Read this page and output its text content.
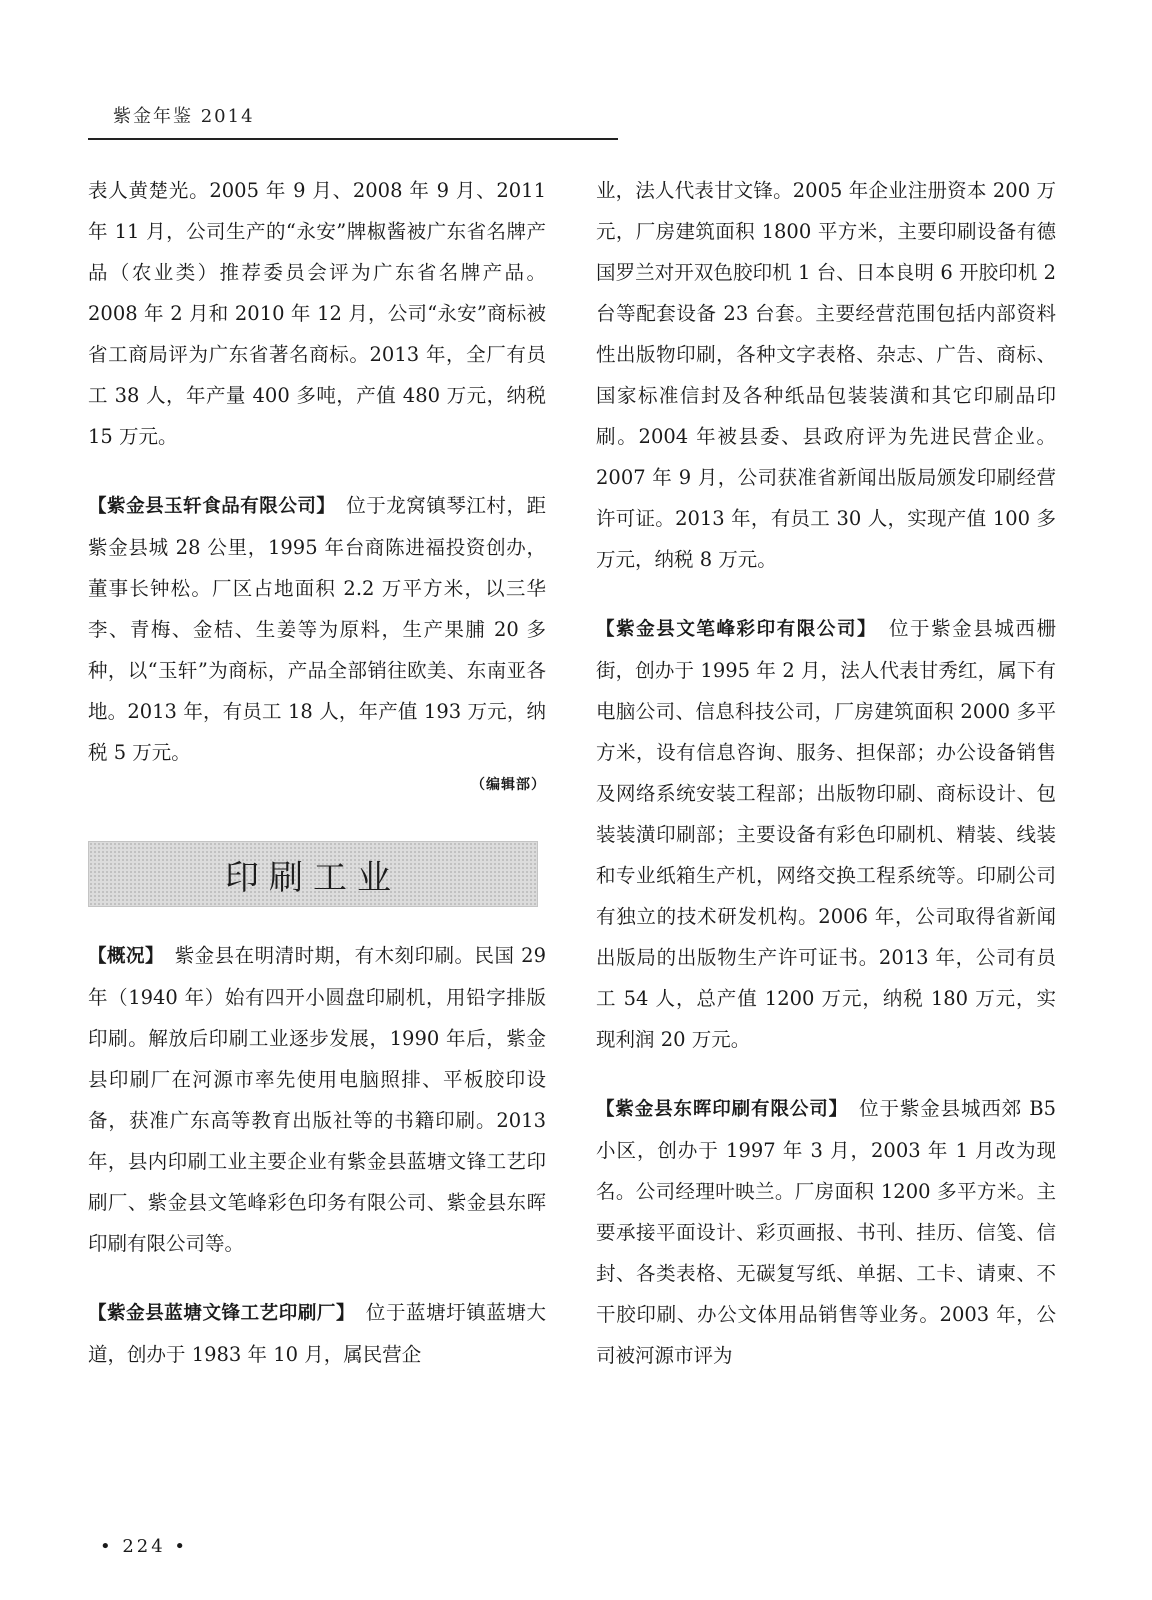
紫金年鉴 2014

表人黄楚光。2005 年 9 月、2008 年 9 月、2011 年 11 月，公司生产的“永安”牌椒酱被广东省名牌产品（农业类）推荐委员会评为广东省名牌产品。2008 年 2 月和 2010 年 12 月，公司“永安”商标被省工商局评为广东省著名商标。2013 年，全厂有员工 38 人，年产量 400 多吨，产值 480 万元，纳税 15 万元。

【紫金县玉轩食品有限公司】　位于龙窝镇琴江村，距紫金县城 28 公里，1995 年台商陈进福投资创办，董事长钟松。厂区占地面积 2.2 万平方米，以三华李、青梅、金桔、生姜等为原料，生产果脯 20 多种，以“玉轩”为商标，产品全部销往欧美、东南亚各地。2013 年，有员工 18 人，年产值 193 万元，纳税 5 万元。

（编辑部）

印刷工业

【概况】　紫金县在明清时期，有木刻印刷。民国 29 年（1940 年）始有四开小圆盘印刷机，用铅字排版印刷。解放后印刷工业逐步发展，1990 年后，紫金县印刷厂在河源市率先使用电脑照排、平板胶印设备，获准广东高等教育出版社等的书籍印刷。2013 年，县内印刷工业主要企业有紫金县蓝塘文锋工艺印刷厂、紫金县文笔峰彩色印务有限公司、紫金县东晖印刷有限公司等。

【紫金县蓝塘文锋工艺印刷厂】　位于蓝塘圩镇蓝塘大道，创办于 1983 年 10 月，属民营企

业，法人代表甘文锋。2005 年企业注册资本 200 万元，厂房建筑面积 1800 平方米，主要印刷设备有德国罗兰对开双色胶印机 1 台、日本良明 6 开胶印机 2 台等配套设备 23 台套。主要经营范围包括内部资料性出版物印刷，各种文字表格、杂志、广告、商标、国家标准信封及各种纸品包装装潢和其它印刷品印刷。2004 年被县委、县政府评为先进民营企业。2007 年 9 月，公司获准省新闻出版局颁发印刷经营许可证。2013 年，有员工 30 人，实现产值 100 多万元，纳税 8 万元。

【紫金县文笔峰彩印有限公司】　位于紫金县城西栅街，创办于 1995 年 2 月，法人代表甘秀红，属下有电脑公司、信息科技公司，厂房建筑面积 2000 多平方米，设有信息咨询、服务、担保部；办公设备销售及网络系统安装工程部；出版物印刷、商标设计、包装装潢印刷部；主要设备有彩色印刷机、精装、线装和专业纸箱生产机，网络交换工程系统等。印刷公司有独立的技术研发机构。2006 年，公司取得省新闻出版局的出版物生产许可证书。2013 年，公司有员工 54 人，总产值 1200 万元，纳税 180 万元，实现利润 20 万元。

【紫金县东晖印刷有限公司】　位于紫金县城西郊 B5 小区，创办于 1997 年 3 月，2003 年 1 月改为现名。公司经理叶映兰。厂房面积 1200 多平方米。主要承接平面设计、彩页画报、书刊、挂历、信笺、信封、各类表格、无碳复写纸、单据、工卡、请柬、不干胶印刷、办公文体用品销售等业务。2003 年，公司被河源市评为

• 224 •
